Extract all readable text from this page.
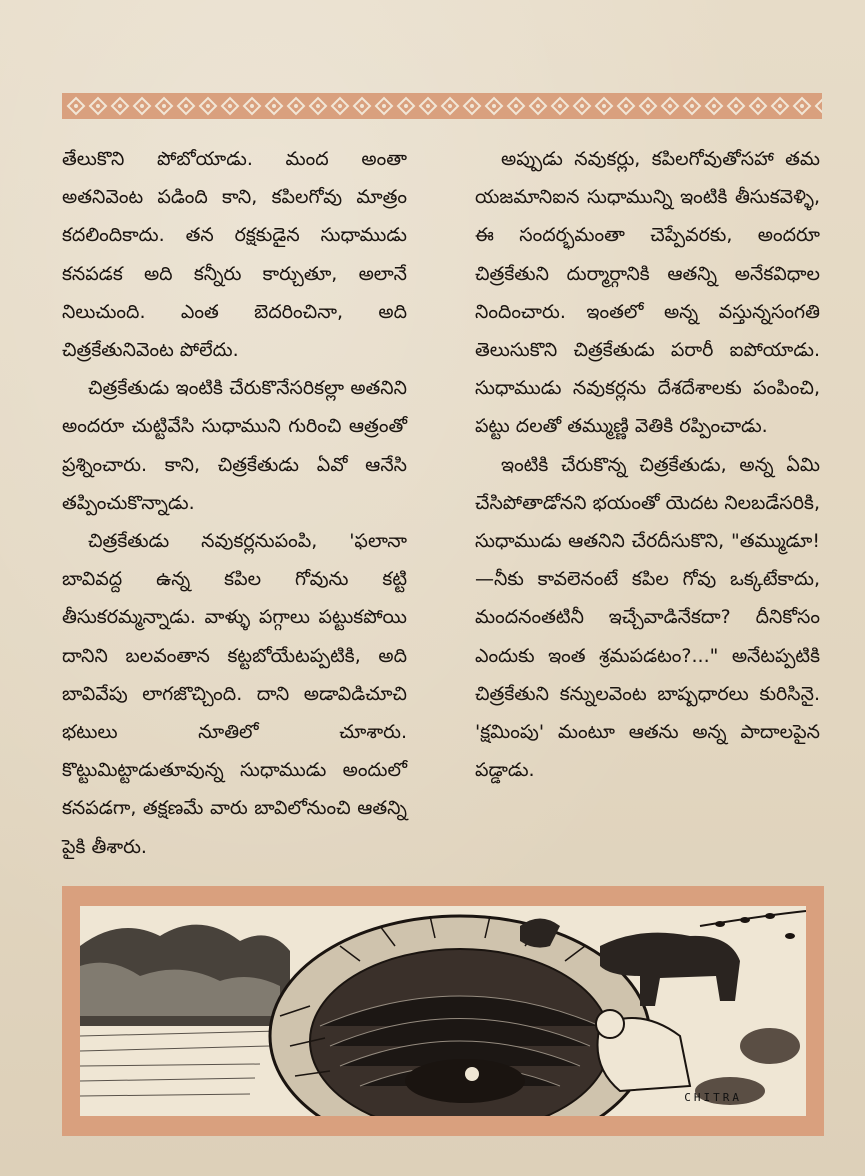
తేలుకొని పోబోయాడు. మంద అంతా అతనివెంట పడింది కాని, కపిలగోవు మాత్రం కదలిందికాదు. తన రక్షకుడైన సుధాముడు కనపడక అది కన్నీరు కార్చుతూ, అలానే నిలుచుంది. ఎంత బెదరించినా, అది చిత్రకేతునివెంట పోలేదు.

చిత్రకేతుడు ఇంటికి చేరుకొనేసరికల్లా అతనిని అందరూ చుట్టివేసి సుధాముని గురించి ఆత్రంతో ప్రశ్నించారు. కాని, చిత్రకేతుడు ఏవో ఆనేసి తప్పించుకొన్నాడు.

చిత్రకేతుడు నవుకర్లనుపంపి, 'ఫలానా బావివద్ద ఉన్న కపిల గోవును కట్టి తీసుకరమ్మన్నాడు. వాళ్ళు పగ్గాలు పట్టుకపోయి దానిని బలవంతాన కట్టబోయేటప్పటికి, అది బావివేపు లాగజొచ్చింది. దాని అడావిడిచూచి భటులు నూతిలో చూశారు. కొట్టుమిట్టాడుతూవున్న సుధాముడు అందులో కనపడగా, తక్షణమే వారు బావిలోనుంచి ఆతన్ని పైకి తీశారు.

అప్పుడు నవుకర్లు, కపిలగోవుతోసహా తమ యజమానిఐన సుధామున్ని ఇంటికి తీసుకవెళ్ళి, ఈ సందర్భమంతా చెప్పేవరకు, అందరూ చిత్రకేతుని దుర్మార్గానికి ఆతన్ని అనేకవిధాల నిందించారు. ఇంతలో అన్న వస్తున్నసంగతి తెలుసుకొని చిత్రకేతుడు పరారీ ఐపోయాడు. సుధాముడు నవుకర్లను దేశదేశాలకు పంపించి, పట్టు దలతో తమ్ముణ్ణి వెతికి రప్పించాడు.

ఇంటికి చేరుకొన్న చిత్రకేతుడు, అన్న ఏమి చేసిపోతాడోనని భయంతో యెదట నిలబడేసరికి, సుధాముడు ఆతనిని చేరదీసుకొని, "తమ్ముడూ!—నీకు కావలెనంటే కపిల గోవు ఒక్కటేకాదు, మందనంతటినీ ఇచ్చేవాడినేకదా? దీనికోసం ఎందుకు ఇంత శ్రమపడటం?..." అనేటప్పటికి చిత్రకేతుని కన్నులవెంట బాష్పధారలు కురిసినై. 'క్షమింపు' మంటూ ఆతను అన్న పాదాలపైన పడ్డాడు.

CHITRA
